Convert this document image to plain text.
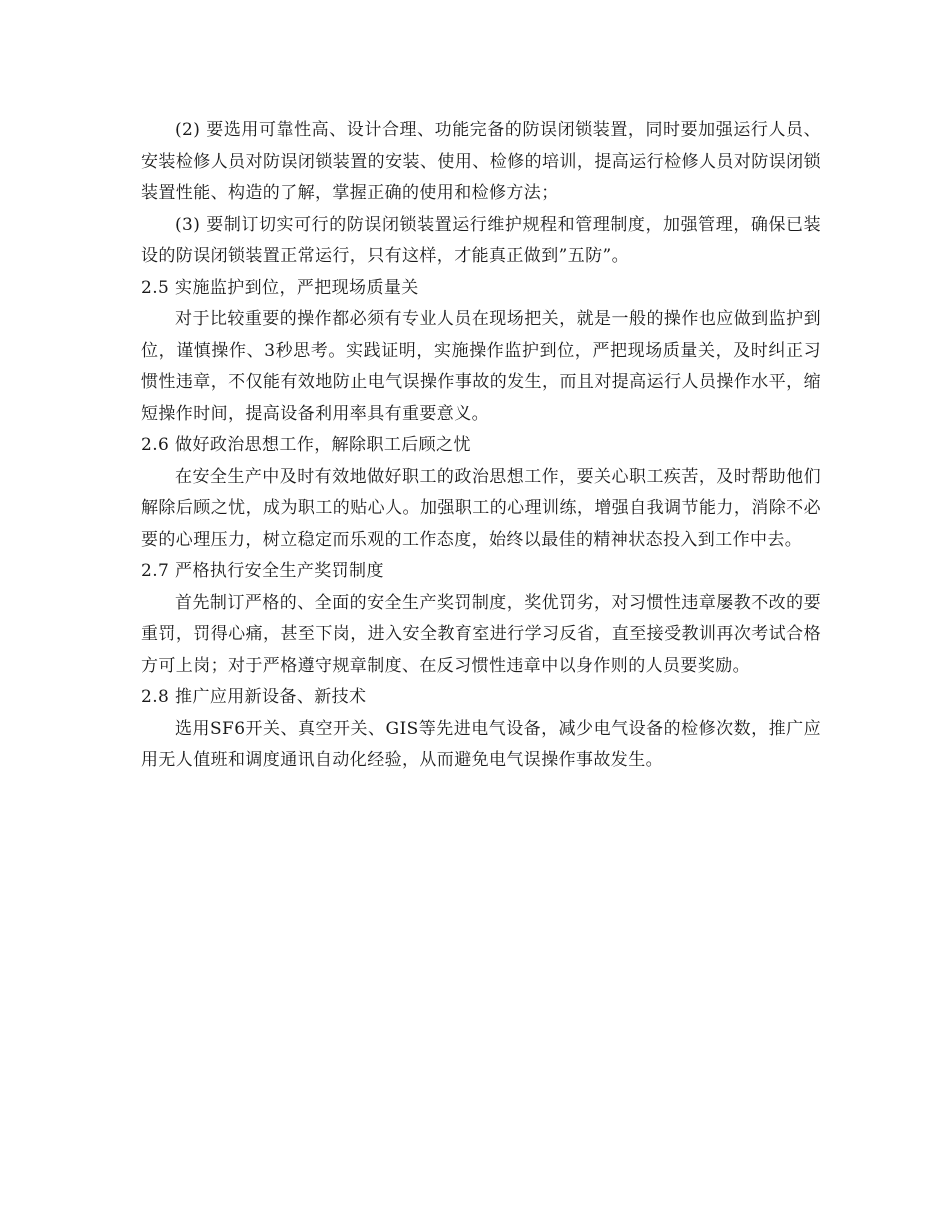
(2) 要选用可靠性高、设计合理、功能完备的防误闭锁装置，同时要加强运行人员、安装检修人员对防误闭锁装置的安装、使用、检修的培训，提高运行检修人员对防误闭锁装置性能、构造的了解，掌握正确的使用和检修方法；

(3) 要制订切实可行的防误闭锁装置运行维护规程和管理制度，加强管理，确保已装设的防误闭锁装置正常运行，只有这样，才能真正做到”五防”。

2.5 实施监护到位，严把现场质量关

对于比较重要的操作都必须有专业人员在现场把关，就是一般的操作也应做到监护到位，谨慎操作、3秒思考。实践证明，实施操作监护到位，严把现场质量关，及时纠正习惯性违章，不仅能有效地防止电气误操作事故的发生，而且对提高运行人员操作水平，缩短操作时间，提高设备利用率具有重要意义。

2.6 做好政治思想工作，解除职工后顾之忧

在安全生产中及时有效地做好职工的政治思想工作，要关心职工疾苦，及时帮助他们解除后顾之忧，成为职工的贴心人。加强职工的心理训练，增强自我调节能力，消除不必要的心理压力，树立稳定而乐观的工作态度，始终以最佳的精神状态投入到工作中去。

2.7 严格执行安全生产奖罚制度

首先制订严格的、全面的安全生产奖罚制度，奖优罚劣，对习惯性违章屡教不改的要重罚，罚得心痛，甚至下岗，进入安全教育室进行学习反省，直至接受教训再次考试合格方可上岗；对于严格遵守规章制度、在反习惯性违章中以身作则的人员要奖励。

2.8 推广应用新设备、新技术

选用SF6开关、真空开关、GIS等先进电气设备，减少电气设备的检修次数，推广应用无人值班和调度通讯自动化经验，从而避免电气误操作事故发生。
